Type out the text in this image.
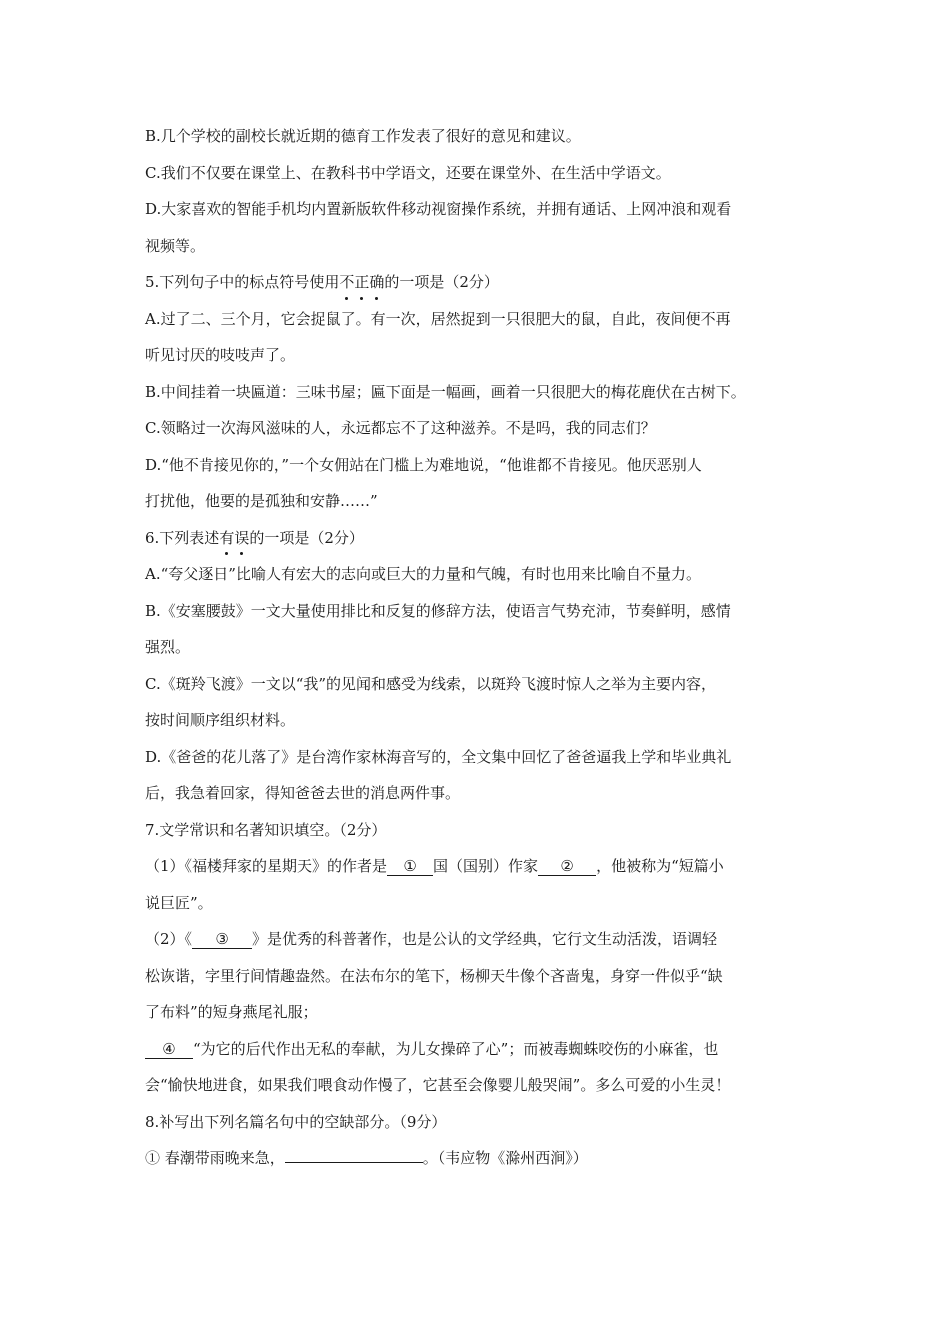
B.几个学校的副校长就近期的德育工作发表了很好的意见和建议。
C.我们不仅要在课堂上、在教科书中学语文，还要在课堂外、在生活中学语文。
D.大家喜欢的智能手机均内置新版软件移动视窗操作系统，并拥有通话、上网冲浪和观看
视频等。
5.下列句子中的标点符号使用不正确的一项是（2分）
A.过了二、三个月，它会捉鼠了。有一次，居然捉到一只很肥大的鼠，自此，夜间便不再
听见讨厌的吱吱声了。
B.中间挂着一块匾道：三味书屋；匾下面是一幅画，画着一只很肥大的梅花鹿伏在古树下。
C.领略过一次海风滋味的人，永远都忘不了这种滋养。不是吗，我的同志们？
D.“他不肯接见你的，”一个女佣站在门槛上为难地说，“他谁都不肯接见。他厌恶别人
打扰他，他要的是孤独和安静……”
6.下列表述有误的一项是（2分）
A.“夸父逐日”比喻人有宏大的志向或巨大的力量和气魄，有时也用来比喻自不量力。
B.《安塞腰鼓》一文大量使用排比和反复的修辞方法，使语言气势充沛，节奏鲜明，感情
强烈。
C.《斑羚飞渡》一文以“我”的见闻和感受为线索，以斑羚飞渡时惊人之举为主要内容，
按时间顺序组织材料。
D.《爸爸的花儿落了》是台湾作家林海音写的，全文集中回忆了爸爸逼我上学和毕业典礼
后，我急着回家，得知爸爸去世的消息两件事。
7.文学常识和名著知识填空。（2分）
（1）《福楼拜家的星期天》的作者是 ① 国（国别）作家 ② ，他被称为“短篇小
说巨匠”。
（2）《 ③ 》是优秀的科普著作，也是公认的文学经典，它行文生动活泼，语调轻
松诙谐，字里行间情趣盎然。在法布尔的笔下，杨柳天牛像个吝啬鬼，身穿一件似乎“缺
了布料”的短身燕尾礼服；
④ “为它的后代作出无私的奉献，为儿女操碎了心”；而被毒蜘蛛咬伤的小麻雀，也
会“愉快地进食，如果我们喂食动作慢了，它甚至会像婴儿般哭闹”。多么可爱的小生灵！
8.补写出下列名篇名句中的空缺部分。（9分）
① 春潮带雨晚来急，	。（韦应物《滁州西涧》）
